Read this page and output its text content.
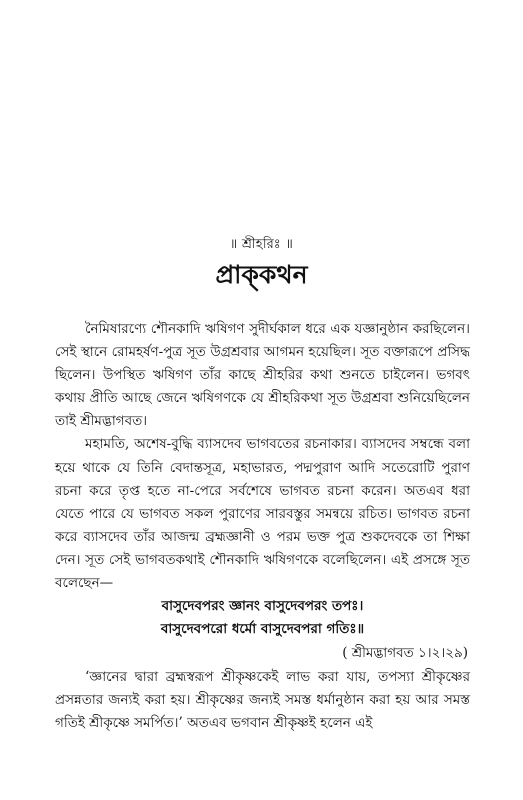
॥ শ্রীহরিঃ ॥
প্রাক্‌কথন

নৈমিষারণ্যে শৌনকাদি ঋষিগণ সুদীর্ঘকাল ধরে এক যজ্ঞানুষ্ঠান করছিলেন। সেই স্থানে রোমহর্ষণ-পুত্র সূত উগ্রশ্রবার আগমন হয়েছিল। সূত বক্তারূপে প্রসিদ্ধ ছিলেন। উপস্থিত ঋষিগণ তাঁর কাছে শ্রীহরির কথা শুনতে চাইলেন। ভগবৎ কথায় প্রীতি আছে জেনে ঋষিগণকে যে শ্রীহরিকথা সূত উগ্রশ্রবা শুনিয়েছিলেন তাই শ্রীমদ্ভাগবত।

মহামতি, অশেষ-বুদ্ধি ব্যাসদেব ভাগবতের রচনাকার। ব্যাসদেব সম্বন্ধে বলা হয়ে থাকে যে তিনি বেদান্তসূত্র, মহাভারত, পদ্মপুরাণ আদি সতেরোটি পুরাণ রচনা করে তৃপ্ত হতে না-পেরে সর্বশেষে ভাগবত রচনা করেন। অতএব ধরা যেতে পারে যে ভাগবত সকল পুরাণের সারবস্তুর সমন্বয়ে রচিত। ভাগবত রচনা করে ব্যাসদেব তাঁর আজন্ম ব্রহ্মজ্ঞানী ও পরম ভক্ত পুত্র শুকদেবকে তা শিক্ষা দেন। সূত সেই ভাগবতকথাই শৌনকাদি ঋষিগণকে বলেছিলেন। এই প্রসঙ্গে সূত বলেছেন—

বাসুদেবপরং জ্ঞানং বাসুদেবপরং তপঃ।
বাসুদেবপরো ধর্মো বাসুদেবপরা গতিঃ॥
( শ্রীমদ্ভাগবত ১।২।২৯)

‘জ্ঞানের দ্বারা ব্রহ্মস্বরূপ শ্রীকৃষ্ণকেই লাভ করা যায়, তপস্যা শ্রীকৃষ্ণের প্রসন্নতার জন্যই করা হয়। শ্রীকৃষ্ণের জন্যই সমস্ত ধর্মানুষ্ঠান করা হয় আর সমস্ত গতিই শ্রীকৃষ্ণে সমর্পিত।’ অতএব ভগবান শ্রীকৃষ্ণই হলেন এই
